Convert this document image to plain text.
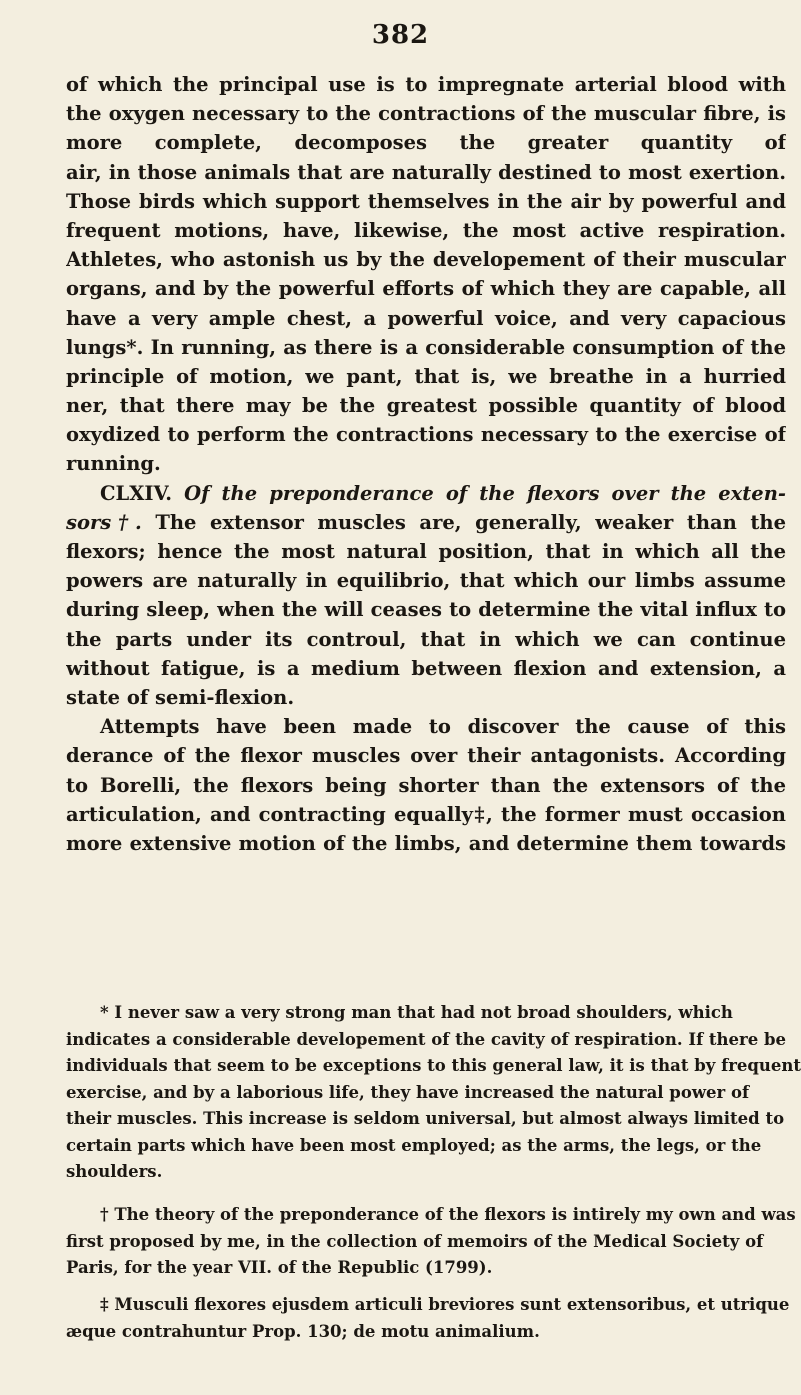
382
of which the principal use is to impregnate arterial blood with
the oxygen necessary to the contractions of the muscular fibre, is
more complete, decomposes the greater quantity of
air, in those animals that are naturally destined to most exertion.
Those birds which support themselves in the air by powerful and
frequent motions, have, likewise, the most active respiration.
Athletes, who astonish us by the developement of their muscular
organs, and by the powerful efforts of which they are capable, all
have a very ample chest, a powerful voice, and very capacious
lungs*. In running, as there is a considerable consumption of the
principle of motion, we pant, that is, we breathe in a hurried
ner, that there may be the greatest possible quantity of blood
oxydized to perform the contractions necessary to the exercise of
running.
CLXIV. Of the preponderance of the flexors over the exten-
sors†. The extensor muscles are, generally, weaker than the
flexors; hence the most natural position, that in which all the
powers are naturally in equilibrio, that which our limbs assume
during sleep, when the will ceases to determine the vital influx to
the parts under its controul, that in which we can continue
without fatigue, is a medium between flexion and extension, a
state of semi-flexion.
Attempts have been made to discover the cause of this
derance of the flexor muscles over their antagonists. According
to Borelli, the flexors being shorter than the extensors of the
articulation, and contracting equally‡, the former must occasion
more extensive motion of the limbs, and determine them towards
* I never saw a very strong man that had not broad shoulders, which
indicates a considerable developement of the cavity of respiration. If there be
individuals that seem to be exceptions to this general law, it is that by frequent
exercise, and by a laborious life, they have increased the natural power of
their muscles. This increase is seldom universal, but almost always limited to
certain parts which have been most employed; as the arms, the legs, or the
shoulders.
† The theory of the preponderance of the flexors is intirely my own and was
first proposed by me, in the collection of memoirs of the Medical Society of
Paris, for the year VII. of the Republic (1799).
‡ Musculi flexores ejusdem articuli breviores sunt extensoribus, et utrique
æque contrahuntur Prop. 130; de motu animalium.
